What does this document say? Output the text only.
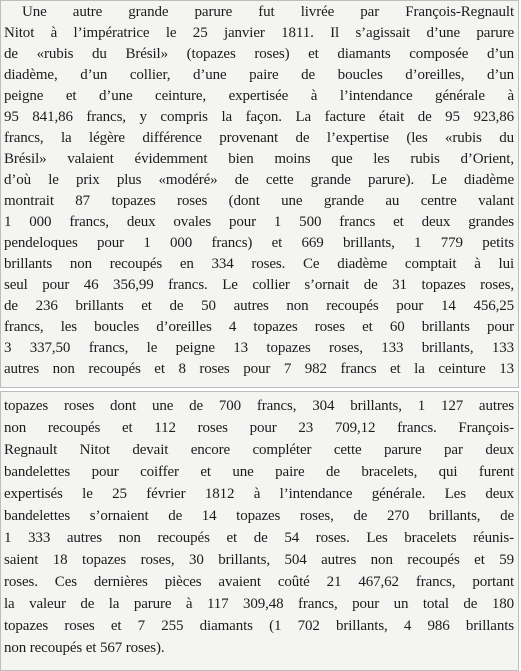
Une autre grande parure fut livrée par François-Regnault
Nitot à l’impératrice le 25 janvier 1811. Il s’agissait d’une parure
de «rubis du Brésil» (topazes roses) et diamants composée d’un
diadème, d’un collier, d’une paire de boucles d’oreilles, d’un
peigne et d’une ceinture, expertisée à l’intendance générale à
95 841,86 francs, y compris la façon. La facture était de 95 923,86
francs, la légère différence provenant de l’expertise (les «rubis du
Brésil» valaient évidemment bien moins que les rubis d’Orient,
d’où le prix plus «modéré» de cette grande parure). Le diadème
montrait 87 topazes roses (dont une grande au centre valant
1 000 francs, deux ovales pour 1 500 francs et deux grandes
pendeloques pour 1 000 francs) et 669 brillants, 1 779 petits
brillants non recoupés en 334 roses. Ce diadème comptait à lui
seul pour 46 356,99 francs. Le collier s’ornait de 31 topazes roses,
de 236 brillants et de 50 autres non recoupés pour 14 456,25
francs, les boucles d’oreilles 4 topazes roses et 60 brillants pour
3 337,50 francs, le peigne 13 topazes roses, 133 brillants, 133
autres non recoupés et 8 roses pour 7 982 francs et la ceinture 13
topazes roses dont une de 700 francs, 304 brillants, 1 127 autres
non recoupés et 112 roses pour 23 709,12 francs. François-
Regnault Nitot devait encore compléter cette parure par deux
bandelettes pour coiffer et une paire de bracelets, qui furent
expertisés le 25 février 1812 à l’intendance générale. Les deux
bandelettes s’ornaient de 14 topazes roses, de 270 brillants, de
1 333 autres non recoupés et de 54 roses. Les bracelets réunis-
saient 18 topazes roses, 30 brillants, 504 autres non recoupés et 59
roses. Ces dernières pièces avaient coûté 21 467,62 francs, portant
la valeur de la parure à 117 309,48 francs, pour un total de 180
topazes roses et 7 255 diamants (1 702 brillants, 4 986 brillants
non recoupés et 567 roses).
